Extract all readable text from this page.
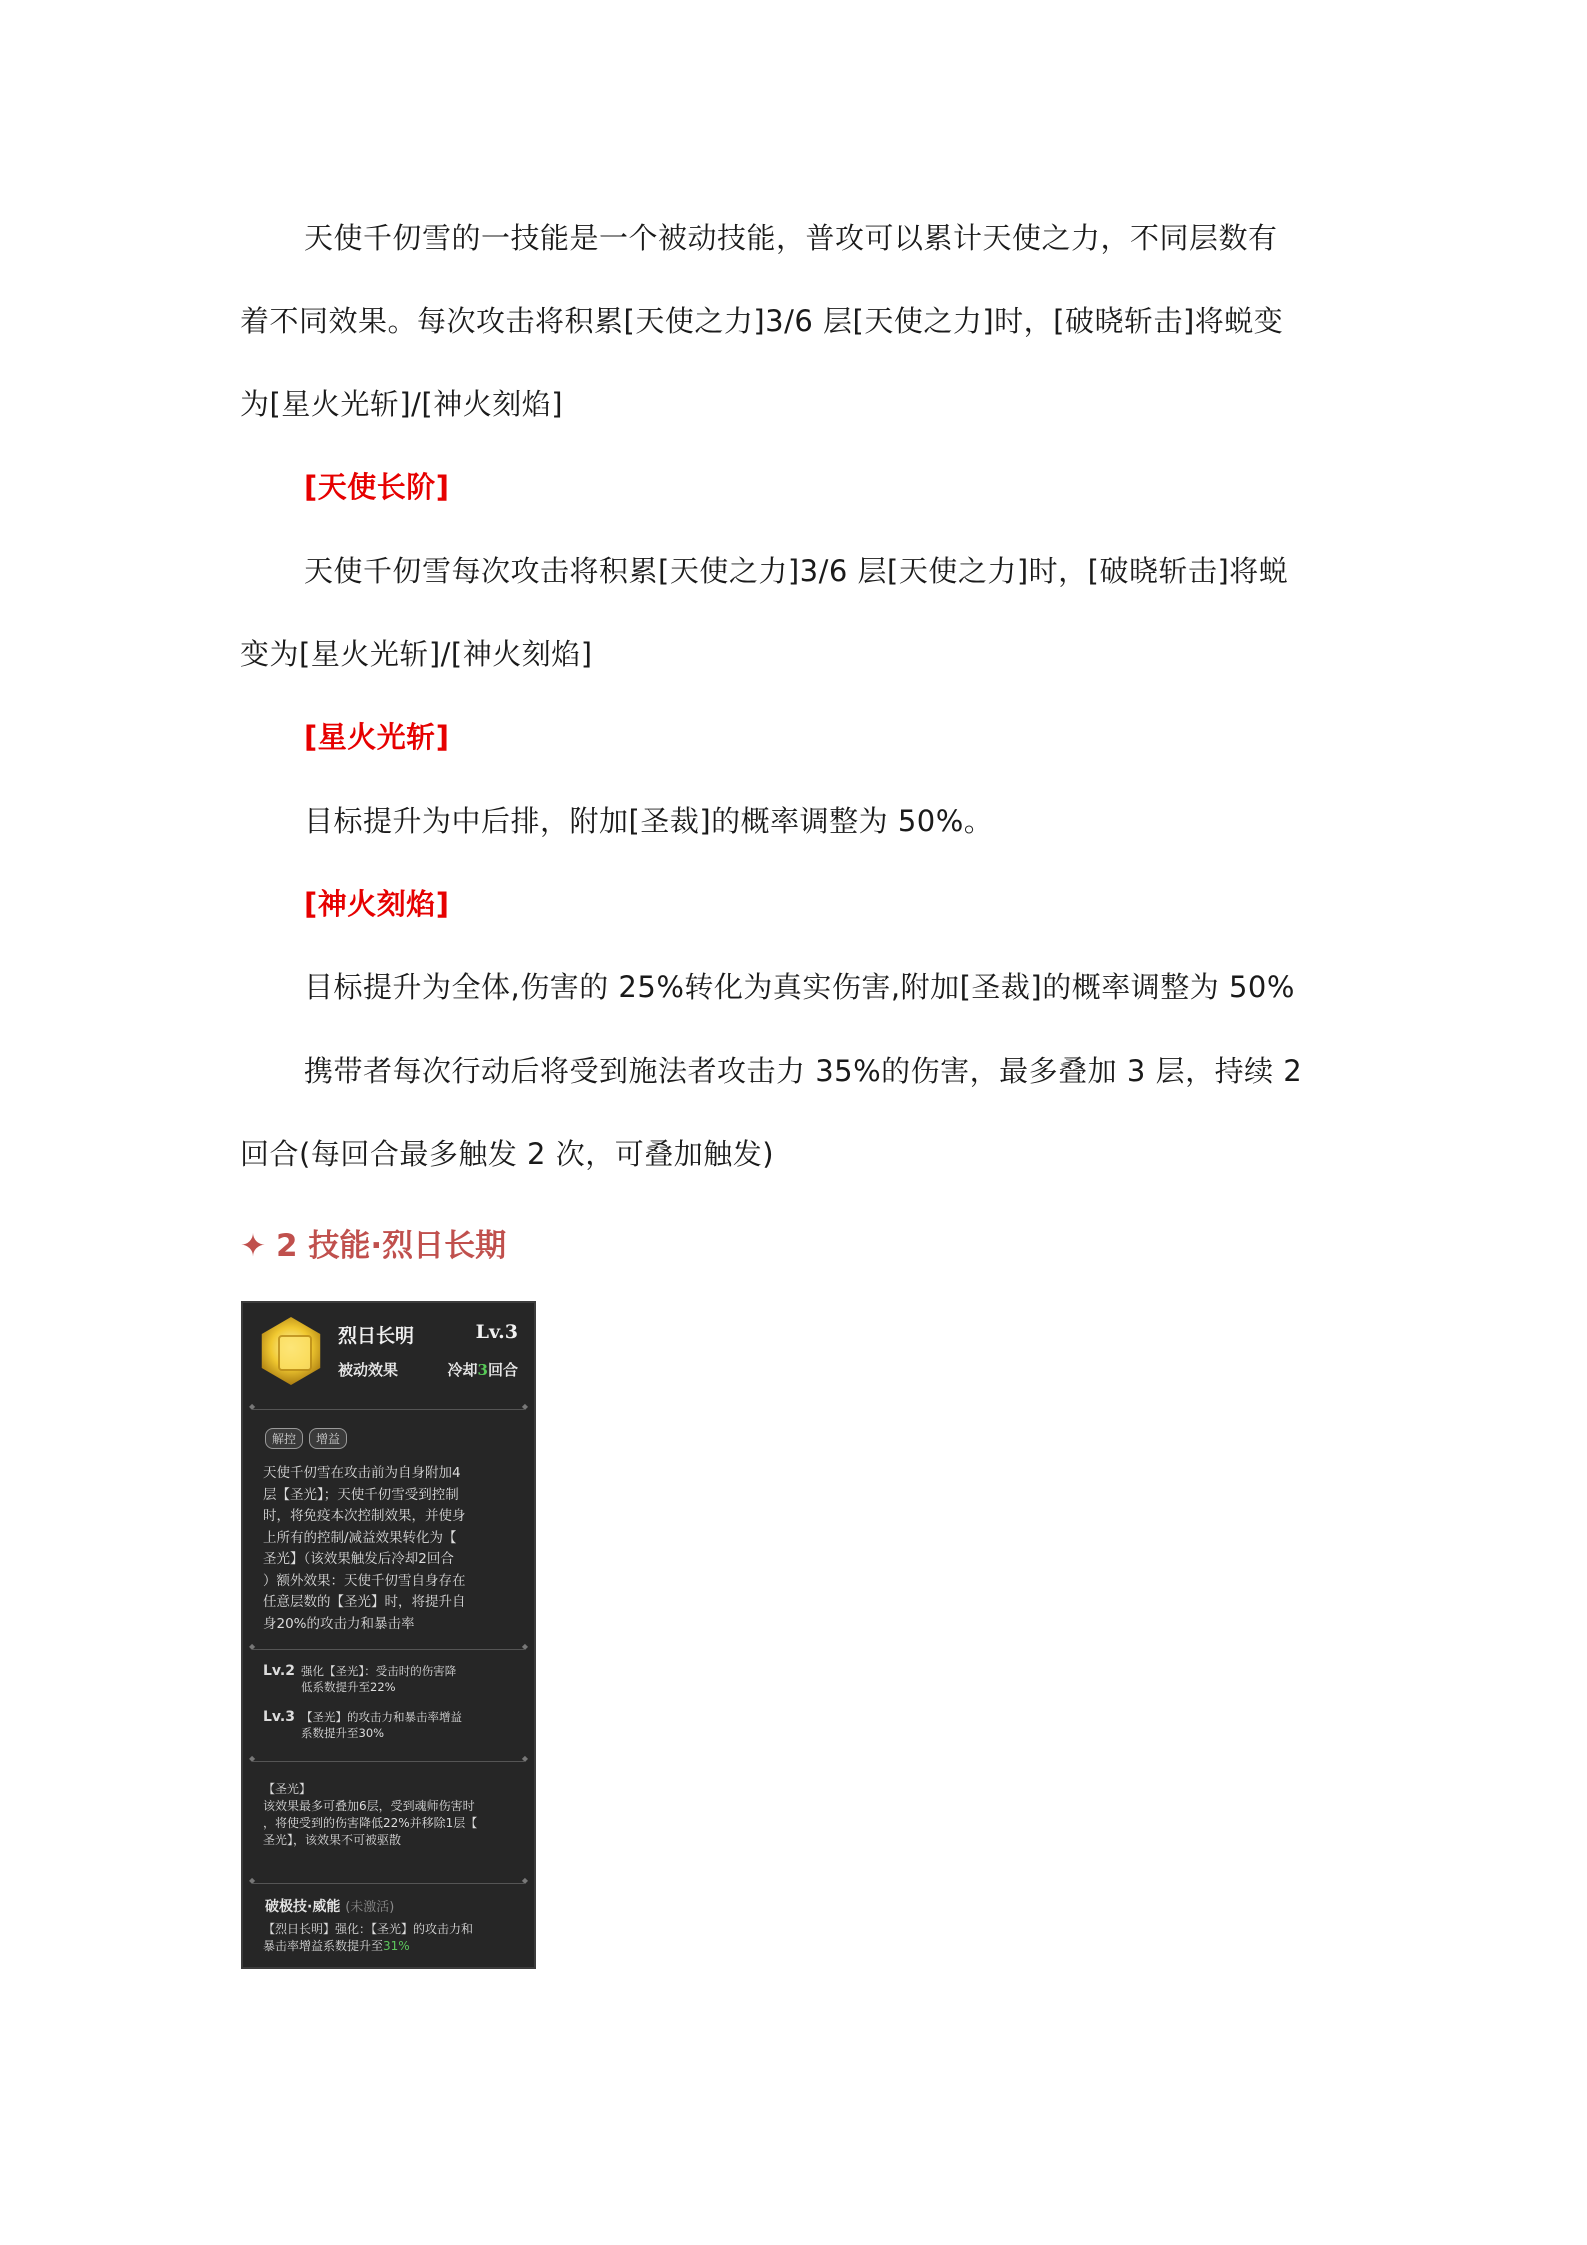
天使千仞雪的一技能是一个被动技能，普攻可以累计天使之力，不同层数有
着不同效果。每次攻击将积累[天使之力]3/6 层[天使之力]时，[破晓斩击]将蜕变
为[星火光斩]/[神火刻焰]
[天使长阶]
天使千仞雪每次攻击将积累[天使之力]3/6 层[天使之力]时，[破晓斩击]将蜕
变为[星火光斩]/[神火刻焰]
[星火光斩]
目标提升为中后排，附加[圣裁]的概率调整为 50%。
[神火刻焰]
目标提升为全体,伤害的 25%转化为真实伤害,附加[圣裁]的概率调整为 50%
携带者每次行动后将受到施法者攻击力 35%的伤害，最多叠加 3 层，持续 2
回合(每回合最多触发 2 次，可叠加触发)
✦ 2 技能·烈日长期
烈日长明	Lv.3
被动效果	冷却3回合
◆ ◆
解控 增益
天使千仞雪在攻击前为自身附加4
层【圣光】；天使千仞雪受到控制
时，将免疫本次控制效果，并使身
上所有的控制/减益效果转化为【
圣光】（该效果触发后冷却2回合
）额外效果：天使千仞雪自身存在
任意层数的【圣光】时，将提升自
身20%的攻击力和暴击率
◆ ◆
Lv.2 强化【圣光】：受击时的伤害降
低系数提升至22%
Lv.3 【圣光】的攻击力和暴击率增益
系数提升至30%
◆ ◆
【圣光】
该效果最多可叠加6层，受到魂师伤害时
，将使受到的伤害降低22%并移除1层【
圣光】，该效果不可被驱散
◆ ◆
破极技·威能 (未激活)
【烈日长明】强化：【圣光】的攻击力和
暴击率增益系数提升至31%
